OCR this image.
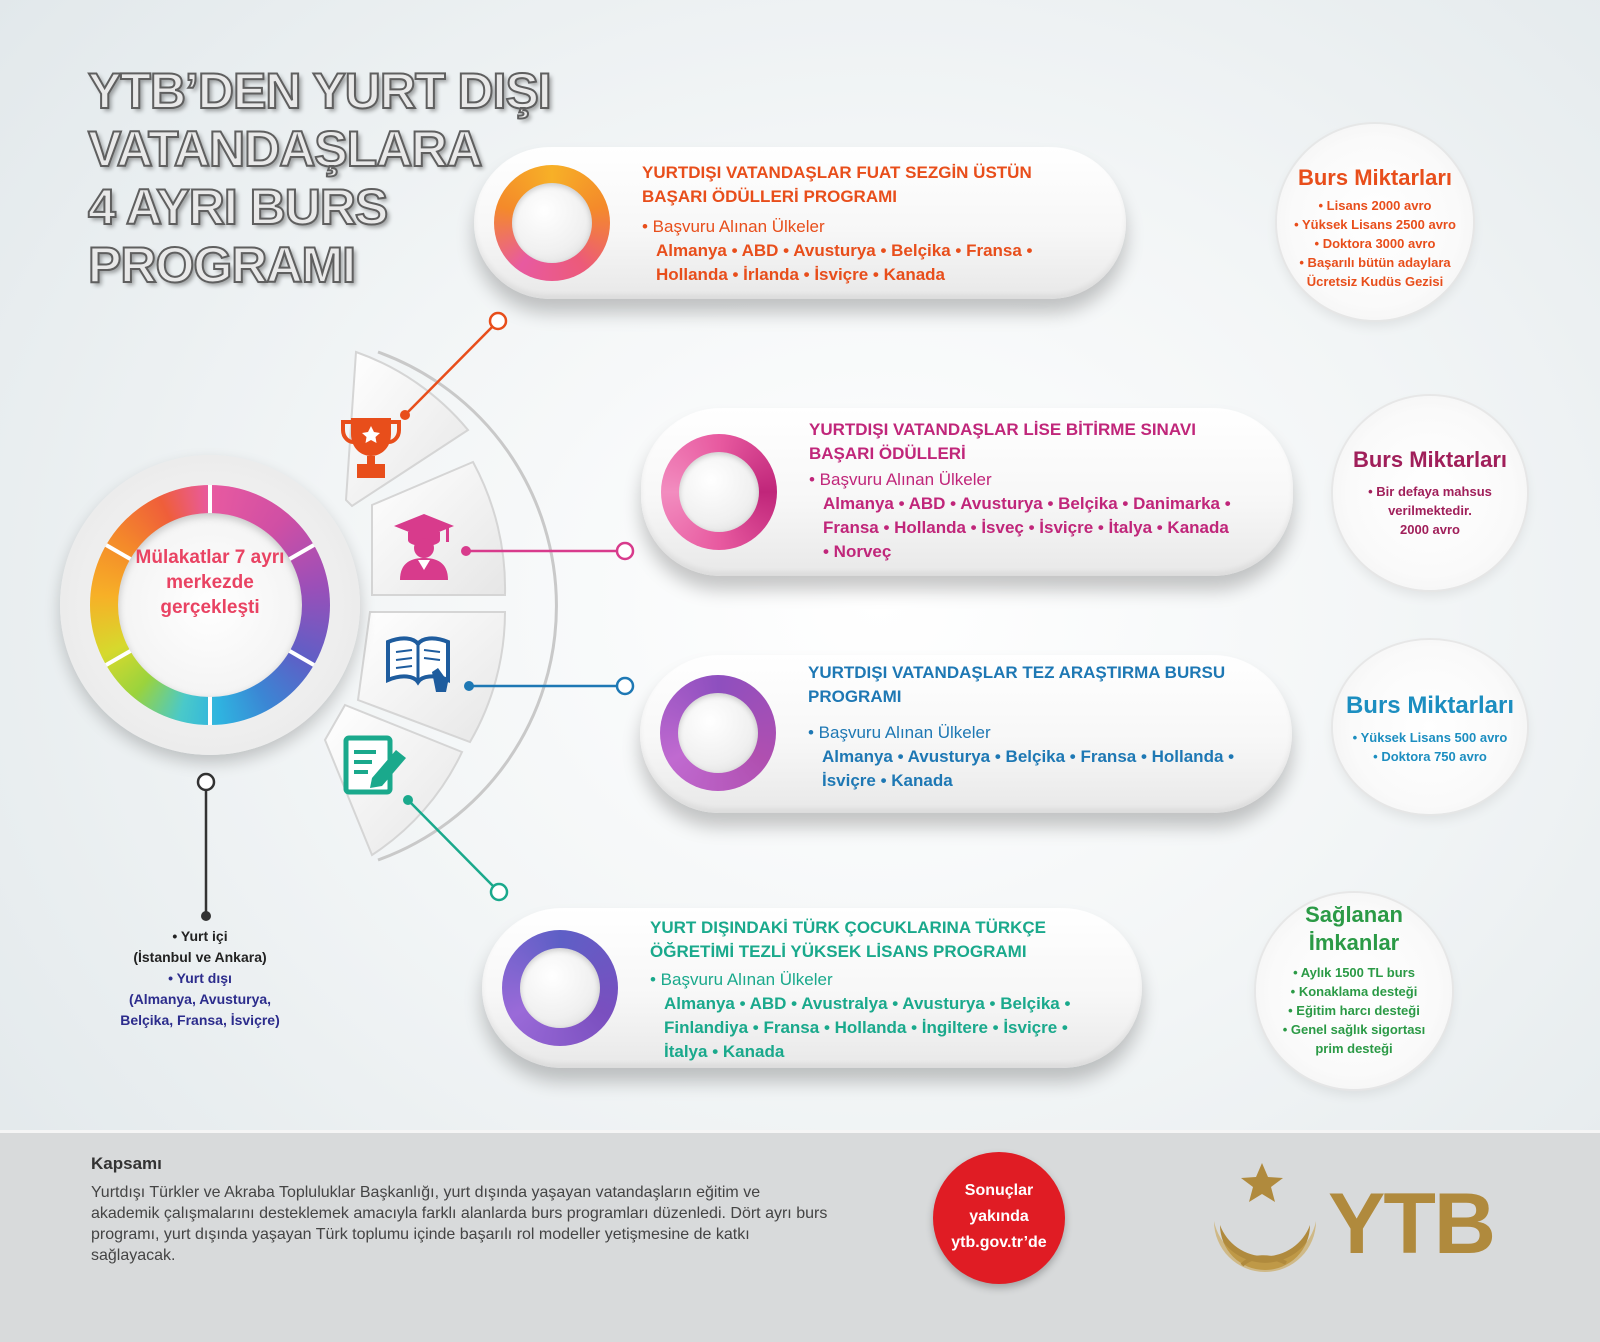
YTB’DEN YURT DIŞI
VATANDAŞLARA
4 AYRI BURS
PROGRAMI
Mülakatlar 7 ayrı merkezde gerçekleşti
YURTDIŞI VATANDAŞLAR FUAT SEZGİN ÜSTÜN BAŞARI ÖDÜLLERİ PROGRAMI
• Başvuru Alınan Ülkeler
Almanya • ABD • Avusturya • Belçika • Fransa • Hollanda • İrlanda • İsviçre • Kanada
YURTDIŞI VATANDAŞLAR LİSE BİTİRME SINAVI BAŞARI ÖDÜLLERİ
• Başvuru Alınan Ülkeler
Almanya • ABD • Avusturya • Belçika • Danimarka • Fransa • Hollanda • İsveç • İsviçre • İtalya • Kanada • Norveç
YURTDIŞI VATANDAŞLAR TEZ ARAŞTIRMA BURSU PROGRAMI
• Başvuru Alınan Ülkeler
Almanya • Avusturya • Belçika • Fransa • Hollanda • İsviçre • Kanada
YURT DIŞINDAKİ TÜRK ÇOCUKLARINA TÜRKÇE ÖĞRETİMİ TEZLİ YÜKSEK LİSANS PROGRAMI
• Başvuru Alınan Ülkeler
Almanya • ABD • Avustralya • Avusturya • Belçika • Finlandiya • Fransa • Hollanda • İngiltere • İsviçre • İtalya • Kanada
Burs Miktarları
• Lisans 2000 avro
• Yüksek Lisans 2500 avro
• Doktora 3000 avro
• Başarılı bütün adaylara
Ücretsiz Kudüs Gezisi
Burs Miktarları
• Bir defaya mahsus
verilmektedir.
2000 avro
Burs Miktarları
• Yüksek Lisans 500 avro
• Doktora 750 avro
Sağlanan İmkanlar
• Aylık 1500 TL burs
• Konaklama desteği
• Eğitim harcı desteği
• Genel sağlık sigortası
prim desteği
• Yurt içi
(İstanbul ve Ankara)
• Yurt dışı
(Almanya, Avusturya, Belçika, Fransa, İsviçre)
Kapsamı
Yurtdışı Türkler ve Akraba Topluluklar Başkanlığı, yurt dışında yaşayan vatandaşların eğitim ve akademik çalışmalarını desteklemek amacıyla farklı alanlarda burs programları düzenledi. Dört ayrı burs programı, yurt dışında yaşayan Türk toplumu içinde başarılı rol modeller yetişmesine de katkı sağlayacak.
Sonuçlar
yakında
ytb.gov.tr’de	YTB
